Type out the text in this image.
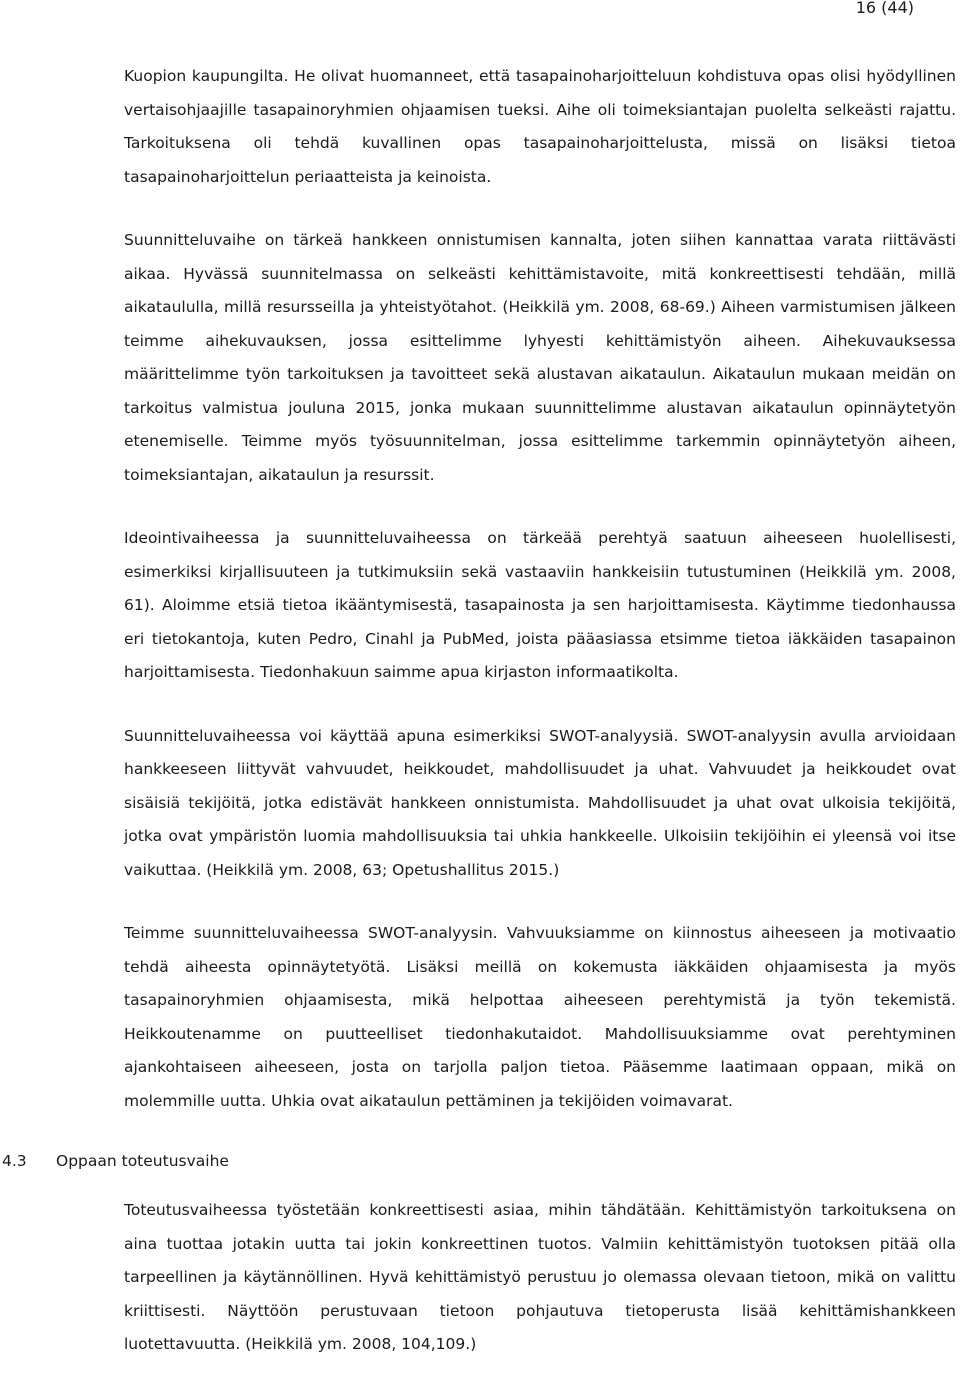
16 (44)

Kuopion kaupungilta. He olivat huomanneet, että tasapainoharjoitteluun kohdistuva opas olisi hyödyllinen vertaisohjaajille tasapainoryhmien ohjaamisen tueksi. Aihe oli toimeksiantajan puolelta selkeästi rajattu. Tarkoituksena oli tehdä kuvallinen opas tasapainoharjoittelusta, missä on lisäksi tietoa tasapainoharjoittelun periaatteista ja keinoista.

Suunnitteluvaihe on tärkeä hankkeen onnistumisen kannalta, joten siihen kannattaa varata riittävästi aikaa. Hyvässä suunnitelmassa on selkeästi kehittämistavoite, mitä konkreettisesti tehdään, millä aikataululla, millä resursseilla ja yhteistyötahot. (Heikkilä ym. 2008, 68-69.) Aiheen varmistumisen jälkeen teimme aihekuvauksen, jossa esittelimme lyhyesti kehittämistyön aiheen. Aihekuvauksessa määrittelimme työn tarkoituksen ja tavoitteet sekä alustavan aikataulun. Aikataulun mukaan meidän on tarkoitus valmistua jouluna 2015, jonka mukaan suunnittelimme alustavan aikataulun opinnäytetyön etenemiselle. Teimme myös työsuunnitelman, jossa esittelimme tarkemmin opinnäytetyön aiheen, toimeksiantajan, aikataulun ja resurssit.

Ideointivaiheessa ja suunnitteluvaiheessa on tärkeää perehtyä saatuun aiheeseen huolellisesti, esimerkiksi kirjallisuuteen ja tutkimuksiin sekä vastaaviin hankkeisiin tutustuminen (Heikkilä ym. 2008, 61). Aloimme etsiä tietoa ikääntymisestä, tasapainosta ja sen harjoittamisesta. Käytimme tiedonhaussa eri tietokantoja, kuten Pedro, Cinahl ja PubMed, joista pääasiassa etsimme tietoa iäkkäiden tasapainon harjoittamisesta. Tiedonhakuun saimme apua kirjaston informaatikolta.

Suunnitteluvaiheessa voi käyttää apuna esimerkiksi SWOT-analyysiä. SWOT-analyysin avulla arvioidaan hankkeeseen liittyvät vahvuudet, heikkoudet, mahdollisuudet ja uhat. Vahvuudet ja heikkoudet ovat sisäisiä tekijöitä, jotka edistävät hankkeen onnistumista. Mahdollisuudet ja uhat ovat ulkoisia tekijöitä, jotka ovat ympäristön luomia mahdollisuuksia tai uhkia hankkeelle. Ulkoisiin tekijöihin ei yleensä voi itse vaikuttaa. (Heikkilä ym. 2008, 63; Opetushallitus 2015.)

Teimme suunnitteluvaiheessa SWOT-analyysin. Vahvuuksiamme on kiinnostus aiheeseen ja motivaatio tehdä aiheesta opinnäytetyötä. Lisäksi meillä on kokemusta iäkkäiden ohjaamisesta ja myös tasapainoryhmien ohjaamisesta, mikä helpottaa aiheeseen perehtymistä ja työn tekemistä. Heikkoutenamme on puutteelliset tiedonhakutaidot. Mahdollisuuksiamme ovat perehtyminen ajankohtaiseen aiheeseen, josta on tarjolla paljon tietoa. Pääsemme laatimaan oppaan, mikä on molemmille uutta. Uhkia ovat aikataulun pettäminen ja tekijöiden voimavarat.

4.3 Oppaan toteutusvaihe

Toteutusvaiheessa työstetään konkreettisesti asiaa, mihin tähdätään. Kehittämistyön tarkoituksena on aina tuottaa jotakin uutta tai jokin konkreettinen tuotos. Valmiin kehittämistyön tuotoksen pitää olla tarpeellinen ja käytännöllinen. Hyvä kehittämistyö perustuu jo olemassa olevaan tietoon, mikä on valittu kriittisesti. Näyttöön perustuvaan tietoon pohjautuva tietoperusta lisää kehittämishankkeen luotettavuutta. (Heikkilä ym. 2008, 104,109.)
